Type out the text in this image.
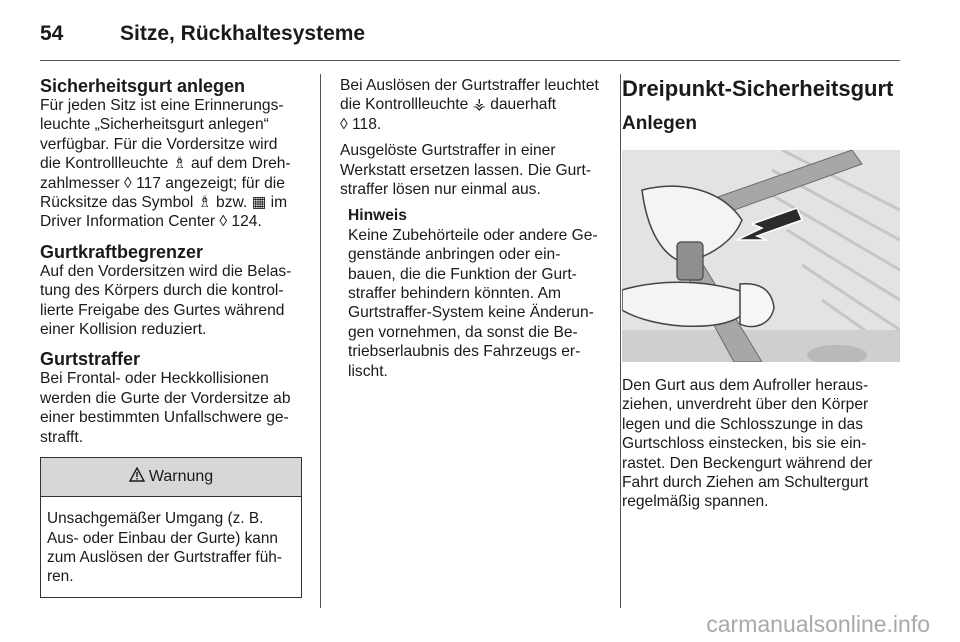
54	Sitze, Rückhaltesysteme
Sicherheitsgurt anlegen

Für jeden Sitz ist eine Erinnerungs-

leuchte „Sicherheitsgurt anlegen“

verfügbar. Für die Vordersitze wird

die Kontrollleuchte ♗ auf dem Dreh-

zahlmesser ◊ 117 angezeigt; für die

Rücksitze das Symbol ♗ bzw. ▦ im

Driver Information Center ◊ 124.

Gurtkraftbegrenzer

Auf den Vordersitzen wird die Belas-

tung des Körpers durch die kontrol-

lierte Freigabe des Gurtes während

einer Kollision reduziert.

Gurtstraffer

Bei Frontal- oder Heckkollisionen

werden die Gurte der Vordersitze ab

einer bestimmten Unfallschwere ge-

strafft.

Warnung
Unsachgemäßer Umgang (z. B.
Aus- oder Einbau der Gurte) kann
zum Auslösen der Gurtstraffer füh-
ren.

Bei Auslösen der Gurtstraffer leuchtet

die Kontrollleuchte ⚶ dauerhaft

◊ 118.

Ausgelöste Gurtstraffer in einer

Werkstatt ersetzen lassen. Die Gurt-

straffer lösen nur einmal aus.

Hinweis

Keine Zubehörteile oder andere Ge-

genstände anbringen oder ein-

bauen, die die Funktion der Gurt-

straffer behindern könnten. Am

Gurtstraffer-System keine Änderun-

gen vornehmen, da sonst die Be-

triebserlaubnis des Fahrzeugs er-

lischt.

Dreipunkt-Sicherheitsgurt
Anlegen

Den Gurt aus dem Aufroller heraus-

ziehen, unverdreht über den Körper

legen und die Schlosszunge in das

Gurtschloss einstecken, bis sie ein-

rastet. Den Beckengurt während der

Fahrt durch Ziehen am Schultergurt

regelmäßig spannen.

carmanualsonline.info
